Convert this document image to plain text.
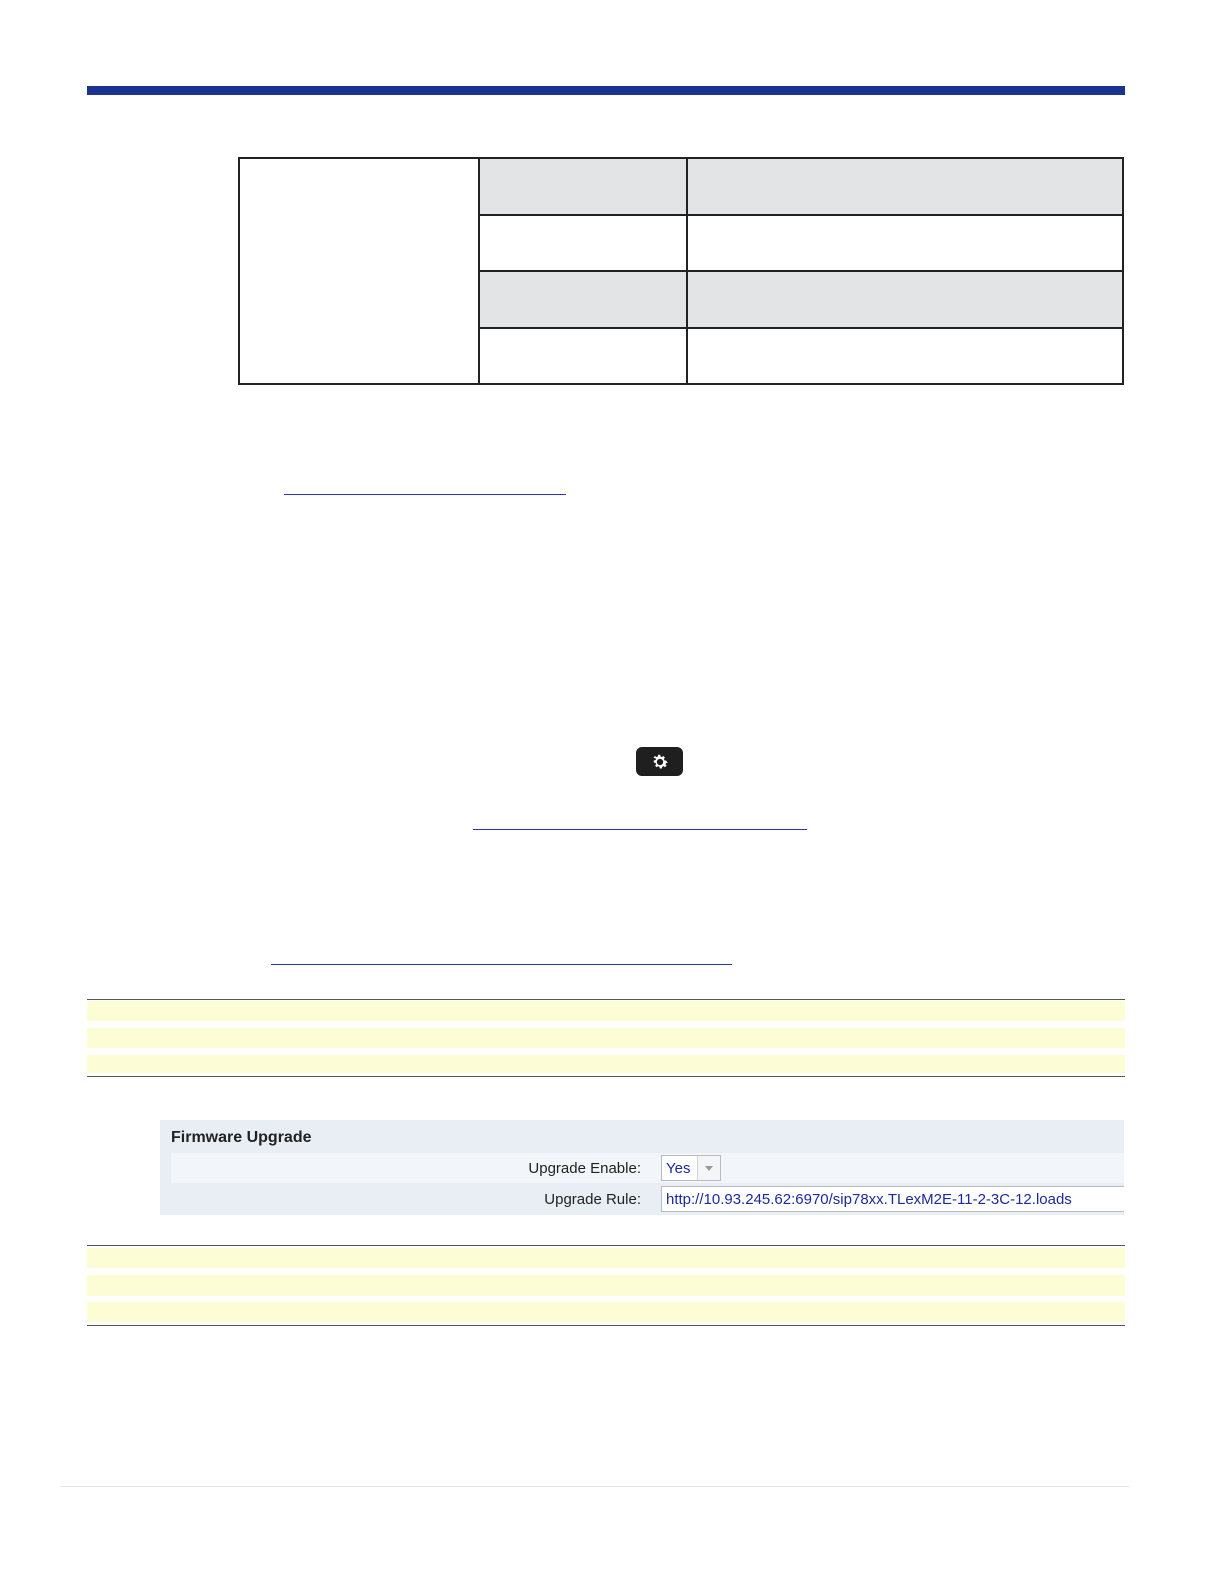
Firmware Upgrade
Upgrade Enable: Yes
Upgrade Rule: http://10.93.245.62:6970/sip78xx.TLexM2E-11-2-3C-12.loads
